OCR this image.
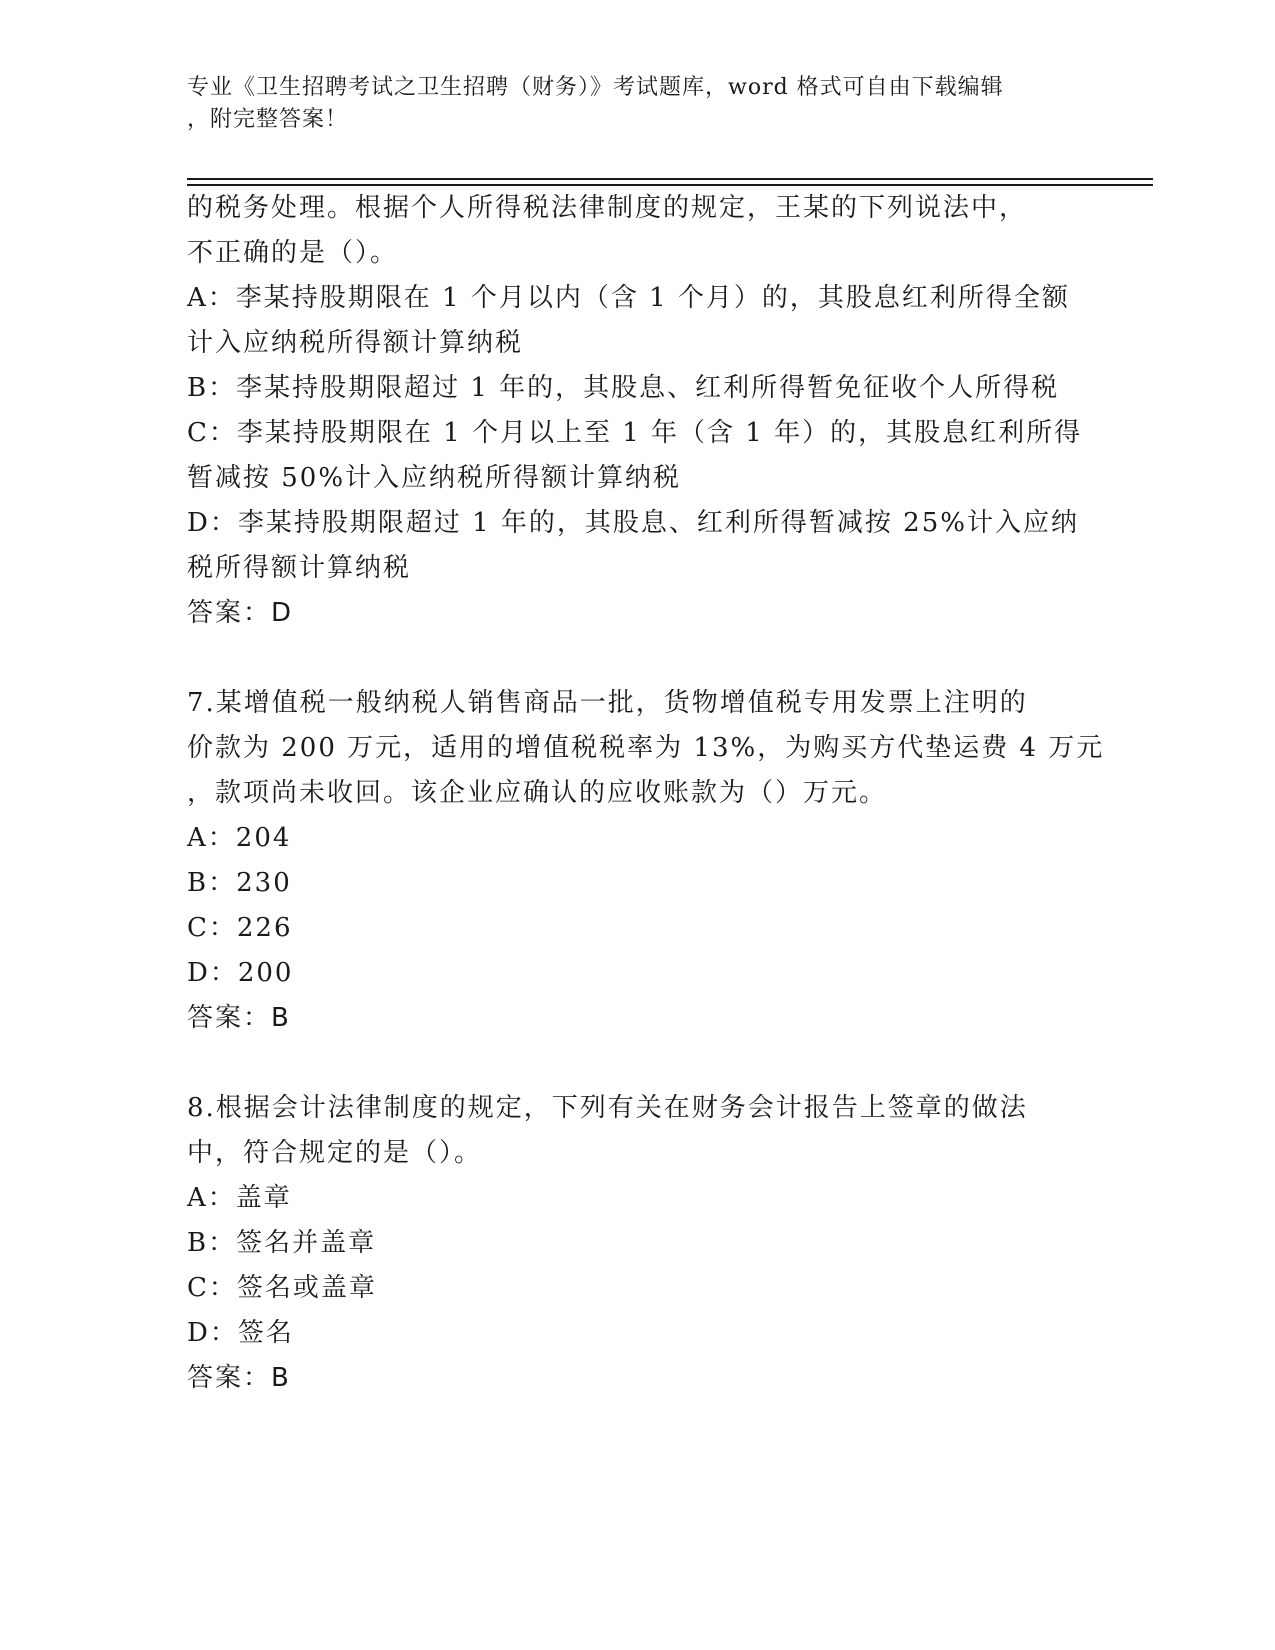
专业《卫生招聘考试之卫生招聘（财务）》考试题库，word 格式可自由下载编辑

，附完整答案！

的税务处理。根据个人所得税法律制度的规定，王某的下列说法中，

不正确的是（）。

A：李某持股期限在 1 个月以内（含 1 个月）的，其股息红利所得全额

计入应纳税所得额计算纳税

B：李某持股期限超过 1 年的，其股息、红利所得暂免征收个人所得税

C：李某持股期限在 1 个月以上至 1 年（含 1 年）的，其股息红利所得

暂减按 50%计入应纳税所得额计算纳税

D：李某持股期限超过 1 年的，其股息、红利所得暂减按 25%计入应纳

税所得额计算纳税

答案：D

7.某增值税一般纳税人销售商品一批，货物增值税专用发票上注明的

价款为 200 万元，适用的增值税税率为 13%，为购买方代垫运费 4 万元

，款项尚未收回。该企业应确认的应收账款为（）万元。

A：204

B：230

C：226

D：200

答案：B

8.根据会计法律制度的规定，下列有关在财务会计报告上签章的做法

中，符合规定的是（）。

A：盖章

B：签名并盖章

C：签名或盖章

D：签名

答案：B
